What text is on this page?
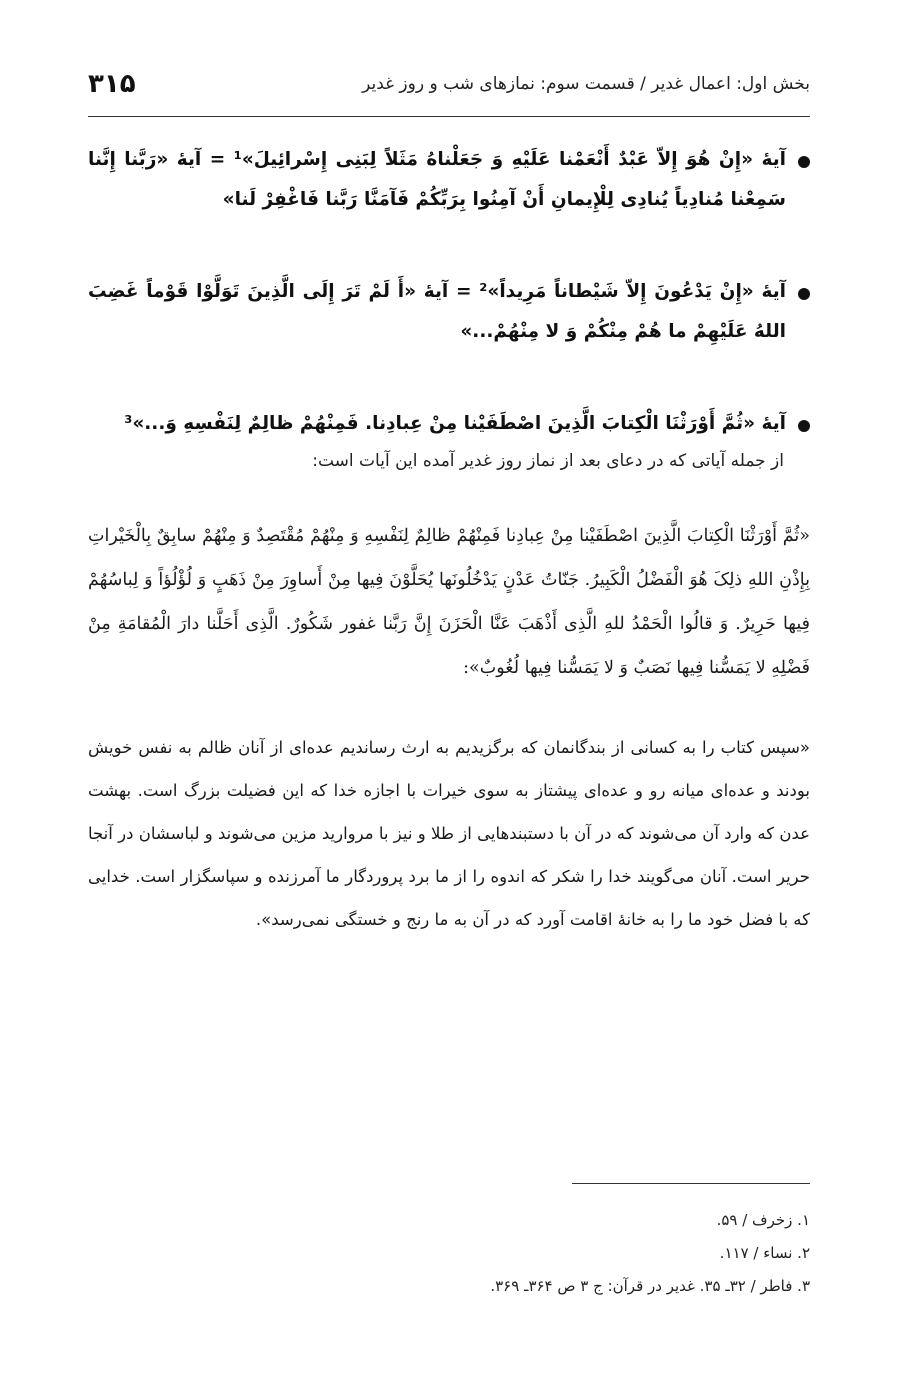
بخش اول: اعمال غدیر / قسمت سوم: نمازهای شب و روز غدیر
۳۱۵
آیهٔ «إِنْ هُوَ إِلاّ عَبْدٌ أَنْعَمْنا عَلَیْهِ وَ جَعَلْناهُ مَثَلاً لِبَنِی إِسْرائِیلَ»¹ = آیهٔ «رَبَّنا إِنَّنا سَمِعْنا مُنادِیاً یُنادِی لِلْإِیمانِ أَنْ آمِنُوا بِرَبِّکُمْ فَآمَنَّا رَبَّنا فَاغْفِرْ لَنا»
آیهٔ «إِنْ یَدْعُونَ إِلاّ شَیْطاناً مَرِیداً»² = آیهٔ «أَ لَمْ تَرَ إِلَی الَّذِینَ تَوَلَّوْا قَوْماً غَضِبَ اللهُ عَلَیْهِمْ ما هُمْ مِنْکُمْ وَ لا مِنْهُمْ...»
آیهٔ «ثُمَّ أَوْرَثْنَا الْکِتابَ الَّذِینَ اصْطَفَیْنا مِنْ عِبادِنا. فَمِنْهُمْ ظالِمٌ لِنَفْسِهِ وَ...»³
از جمله آیاتی که در دعای بعد از نماز روز غدیر آمده این آیات است:
«ثُمَّ أَوْرَثْنَا الْکِتابَ الَّذِینَ اصْطَفَیْنا مِنْ عِبادِنا فَمِنْهُمْ ظالِمٌ لِنَفْسِهِ وَ مِنْهُمْ مُقْتَصِدٌ وَ مِنْهُمْ سابِقٌ بِالْخَیْراتِ بِإِذْنِ اللهِ ذلِکَ هُوَ الْفَضْلُ الْکَبِیرُ. جَنّاتُ عَدْنٍ یَدْخُلُونَها یُحَلَّوْنَ فِیها مِنْ أَساوِرَ مِنْ ذَهَبٍ وَ لُؤْلُؤاً وَ لِباسُهُمْ فِیها حَرِیرٌ. وَ قالُوا الْحَمْدُ للهِ الَّذِی أَذْهَبَ عَنَّا الْحَزَنَ إِنَّ رَبَّنا غفور شَکُورٌ. الَّذِی أَحَلَّنا دارَ الْمُقامَةِ مِنْ فَضْلِهِ لا یَمَسُّنا فِیها نَصَبٌ وَ لا یَمَسُّنا فِیها لُغُوبٌ»:
«سپس کتاب را به کسانی از بندگانمان که برگزیدیم به ارث رساندیم عده‌ای از آنان ظالم به نفس خویش بودند و عده‌ای میانه رو و عده‌ای پیشتاز به سوی خیرات با اجازه خدا که این فضیلت بزرگ است. بهشت عدن که وارد آن می‌شوند که در آن با دستبندهایی از طلا و نیز با مروارید مزین می‌شوند و لباسشان در آنجا حریر است. آنان می‌گویند خدا را شکر که اندوه را از ما برد پروردگار ما آمرزنده و سپاسگزار است. خدایی که با فضل خود ما را به خانهٔ اقامت آورد که در آن به ما رنج و خستگی نمی‌رسد».
۱. زخرف / ۵۹.
۲. نساء / ۱۱۷.
۳. فاطر / ۳۲ـ ۳۵. غدیر در قرآن: ج ۳ ص ۳۶۴ـ ۳۶۹.
